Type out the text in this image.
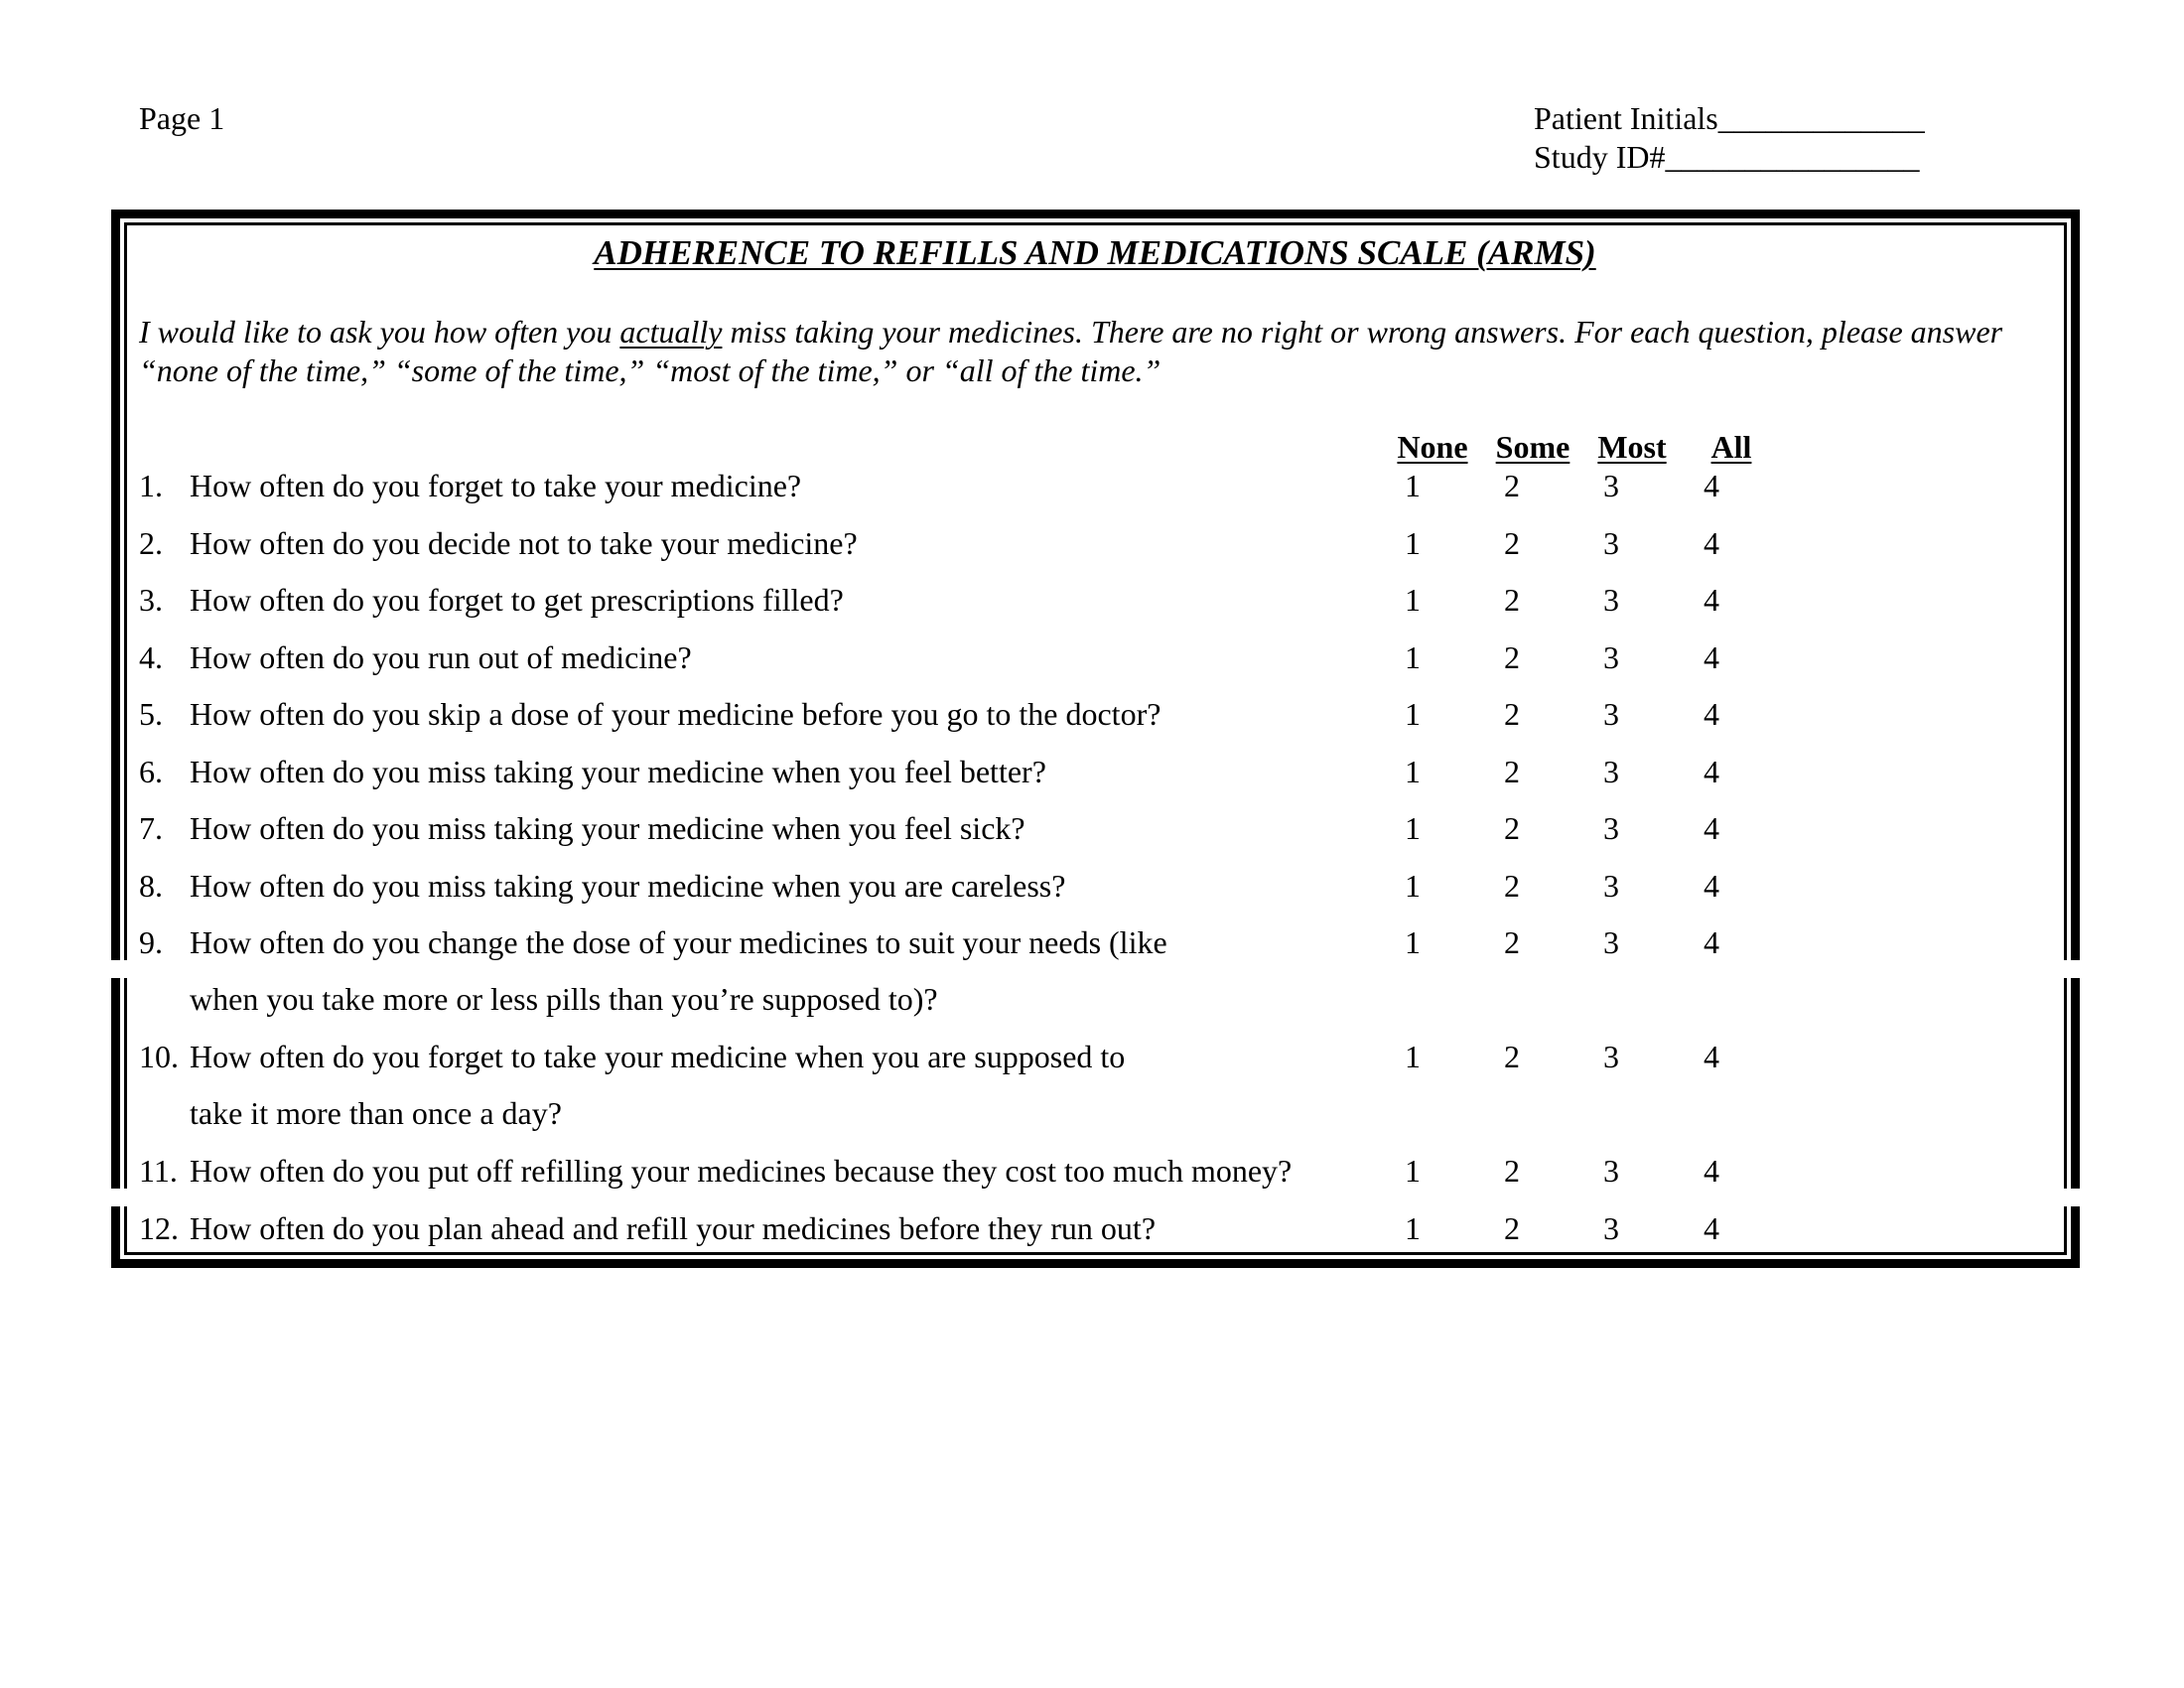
Page 1	Patient Initials_____________
Study ID#________________
ADHERENCE TO REFILLS AND MEDICATIONS SCALE (ARMS)
I would like to ask you how often you actually miss taking your medicines. There are no right or wrong answers. For each question, please answer “none of the time,” “some of the time,” “most of the time,” or “all of the time.”
None Some Most	All
1. How often do you forget to take your medicine?	1	2	3	4
2. How often do you decide not to take your medicine?	1	2	3	4
3. How often do you forget to get prescriptions filled?	1	2	3	4
4. How often do you run out of medicine?	1	2	3	4
5. How often do you skip a dose of your medicine before you go to the doctor?	1	2	3	4
6. How often do you miss taking your medicine when you feel better?	1	2	3	4
7. How often do you miss taking your medicine when you feel sick?	1	2	3	4
8. How often do you miss taking your medicine when you are careless?	1	2	3	4
9. How often do you change the dose of your medicines to suit your needs (like
when you take more or less pills than you’re supposed to)?
1	2	3	4
10. How often do you forget to take your medicine when you are supposed to
take it more than once a day?
1	2	3	4
11. How often do you put off refilling your medicines because they cost too much money?	1	2	3	4
12. How often do you plan ahead and refill your medicines before they run out?	1	2	3	4
